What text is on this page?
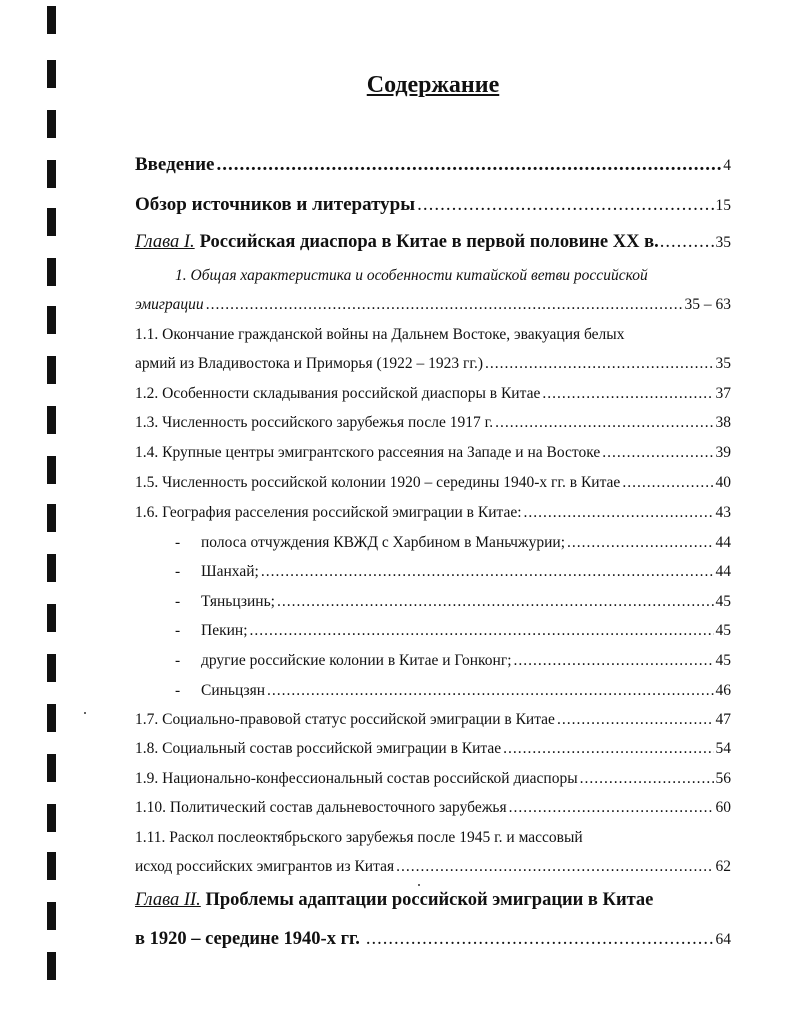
Содержание
Введение .....	4
Обзор источников и литературы .....	15
Глава I. Российская диаспора в Китае в первой половине XX в. .....	35
1. Общая характеристика и особенности китайской ветви российской
эмиграции .....	35 – 63
1.1. Окончание гражданской войны на Дальнем Востоке, эвакуация белых
армий из Владивостока и Приморья (1922 – 1923 гг.) .....	35
1.2. Особенности складывания российской диаспоры в Китае .....	37
1.3. Численность российского зарубежья после 1917 г. .....	38
1.4. Крупные центры эмигрантского рассеяния на Западе и на Востоке .....	39
1.5. Численность российской колонии 1920 – середины 1940-х гг. в Китае .....	40
1.6. География расселения российской эмиграции в Китае: .....	43
-	полоса отчуждения КВЖД с Харбином в Маньчжурии; .....	44
-	Шанхай; .....	44
-	Тяньцзинь; .....	45
-	Пекин; .....	45
-	другие российские колонии в Китае и Гонконг; .....	45
-	Синьцзян .....	46
1.7. Социально-правовой статус российской эмиграции в Китае .....	47
1.8. Социальный состав российской эмиграции в Китае .....	54
1.9. Национально-конфессиональный состав российской диаспоры .....	56
1.10. Политический состав дальневосточного зарубежья .....	60
1.11. Раскол послеоктябрьского зарубежья после 1945 г. и массовый
исход российских эмигрантов из Китая .....	62
Глава II. Проблемы адаптации российской эмиграции в Китае
в 1920 – середине 1940-х гг. .....	64
